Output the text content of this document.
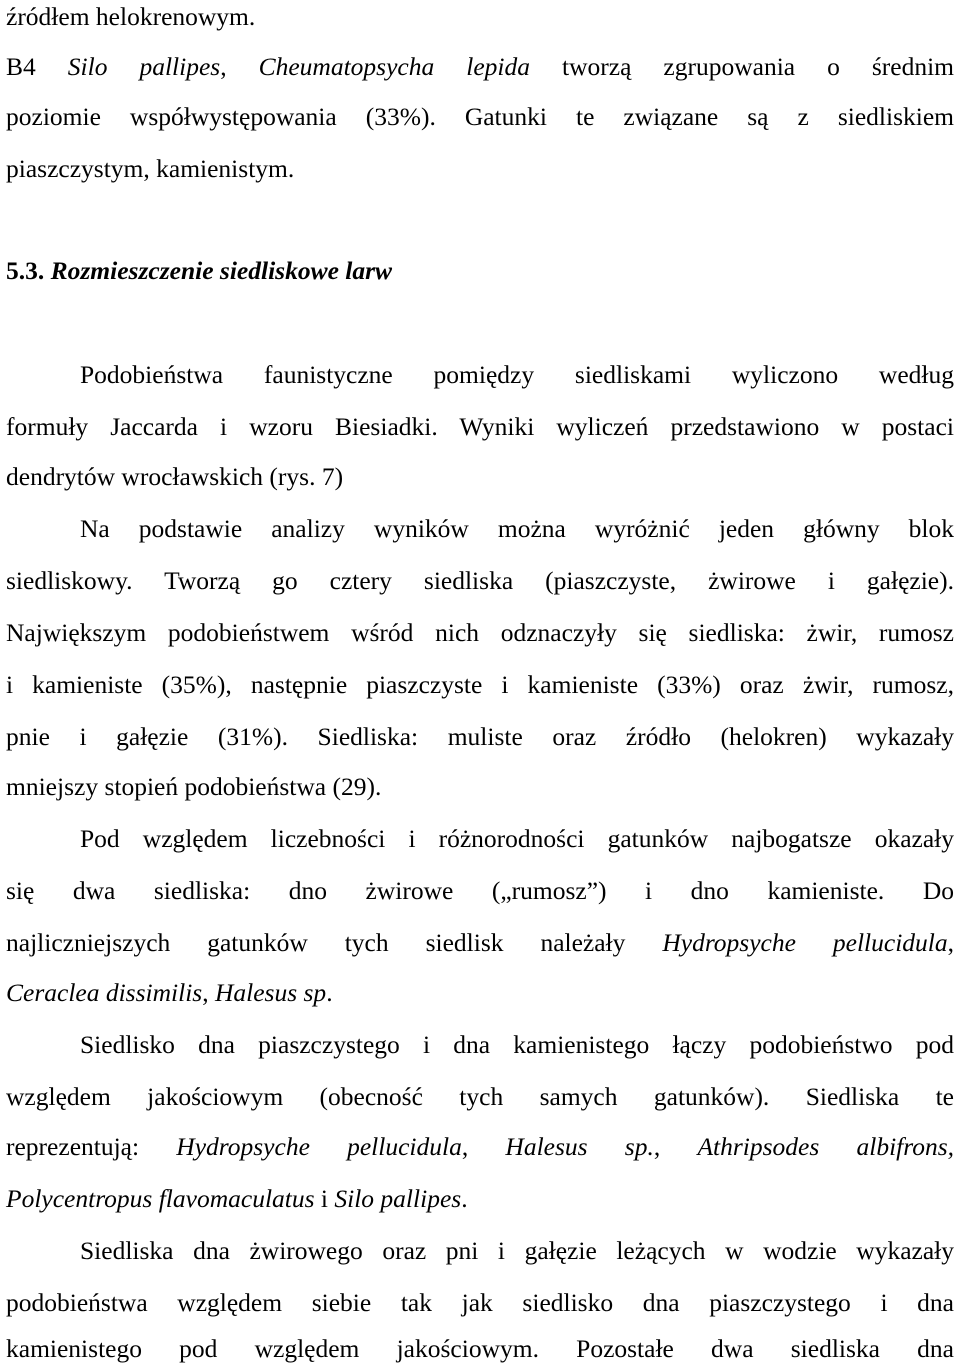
źródłem helokrenowym.
B4 Silo pallipes, Cheumatopsycha lepida tworzą zgrupowania o średnim
poziomie współwystępowania (33%). Gatunki te związane są z siedliskiem
piaszczystym, kamienistym.
5.3. Rozmieszczenie siedliskowe larw
Podobieństwa faunistyczne pomiędzy siedliskami wyliczono według
formuły Jaccarda i wzoru Biesiadki. Wyniki wyliczeń przedstawiono w postaci
dendrytów wrocławskich (rys. 7)
Na podstawie analizy wyników można wyróżnić jeden główny blok
siedliskowy. Tworzą go cztery siedliska (piaszczyste, żwirowe i gałęzie).
Największym podobieństwem wśród nich odznaczyły się siedliska: żwir, rumosz
i kamieniste (35%), następnie piaszczyste i kamieniste (33%) oraz żwir, rumosz,
pnie i gałęzie (31%). Siedliska: muliste oraz źródło (helokren) wykazały
mniejszy stopień podobieństwa (29).
Pod względem liczebności i różnorodności gatunków najbogatsze okazały
się dwa siedliska: dno żwirowe („rumosz”) i dno kamieniste. Do
najliczniejszych gatunków tych siedlisk należały Hydropsyche pellucidula,
Ceraclea dissimilis, Halesus sp.
Siedlisko dna piaszczystego i dna kamienistego łączy podobieństwo pod
względem jakościowym (obecność tych samych gatunków). Siedliska te
reprezentują: Hydropsyche pellucidula, Halesus sp., Athripsodes albifrons,
Polycentropus flavomaculatus i Silo pallipes.
Siedliska dna żwirowego oraz pni i gałęzie leżących w wodzie wykazały
podobieństwa względem siebie tak jak siedlisko dna piaszczystego i dna
kamienistego pod względem jakościowym. Pozostałe dwa siedliska dna
